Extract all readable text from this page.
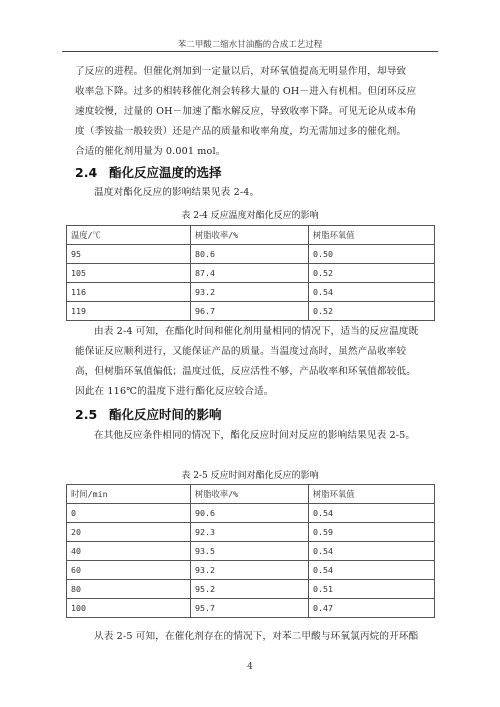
苯二甲酸二缩水甘油酯的合成工艺过程
了反应的进程。但催化剂加到一定量以后，对环氧值提高无明显作用，却导致
收率急下降。过多的相转移催化剂会转移大量的 OH－进入有机相。但闭环反应
速度较慢，过量的 OH－加速了酯水解反应，导致收率下降。可见无论从成本角
度（季铵盐一般较贵）还是产品的质量和收率角度，均无需加过多的催化剂。
合适的催化剂用量为 0.001 mol。
2.4 酯化反应温度的选择
温度对酯化反应的影响结果见表 2-4。
表 2-4 反应温度对酯化反应的影响
温度/℃	树脂收率/%	树脂环氧值
95	80.6	0.50
105	87.4	0.52
116	93.2	0.54
119	96.7	0.52
由表 2-4 可知，在酯化时间和催化剂用量相同的情况下，适当的反应温度既
能保证反应顺利进行，又能保证产品的质量。当温度过高时，虽然产品收率较
高，但树脂环氧值偏低；温度过低，反应活性不够，产品收率和环氧值都较低。
因此在 116℃的温度下进行酯化反应较合适。
2.5 酯化反应时间的影响
在其他反应条件相同的情况下，酯化反应时间对反应的影响结果见表 2-5。
表 2-5 反应时间对酯化反应的影响
时间/min	树脂收率/%	树脂环氧值
0	90.6	0.54
20	92.3	0.59
40	93.5	0.54
60	93.2	0.54
80	95.2	0.51
100	95.7	0.47
从表 2-5 可知，在催化剂存在的情况下，对苯二甲酸与环氧氯丙烷的开环酯
4
